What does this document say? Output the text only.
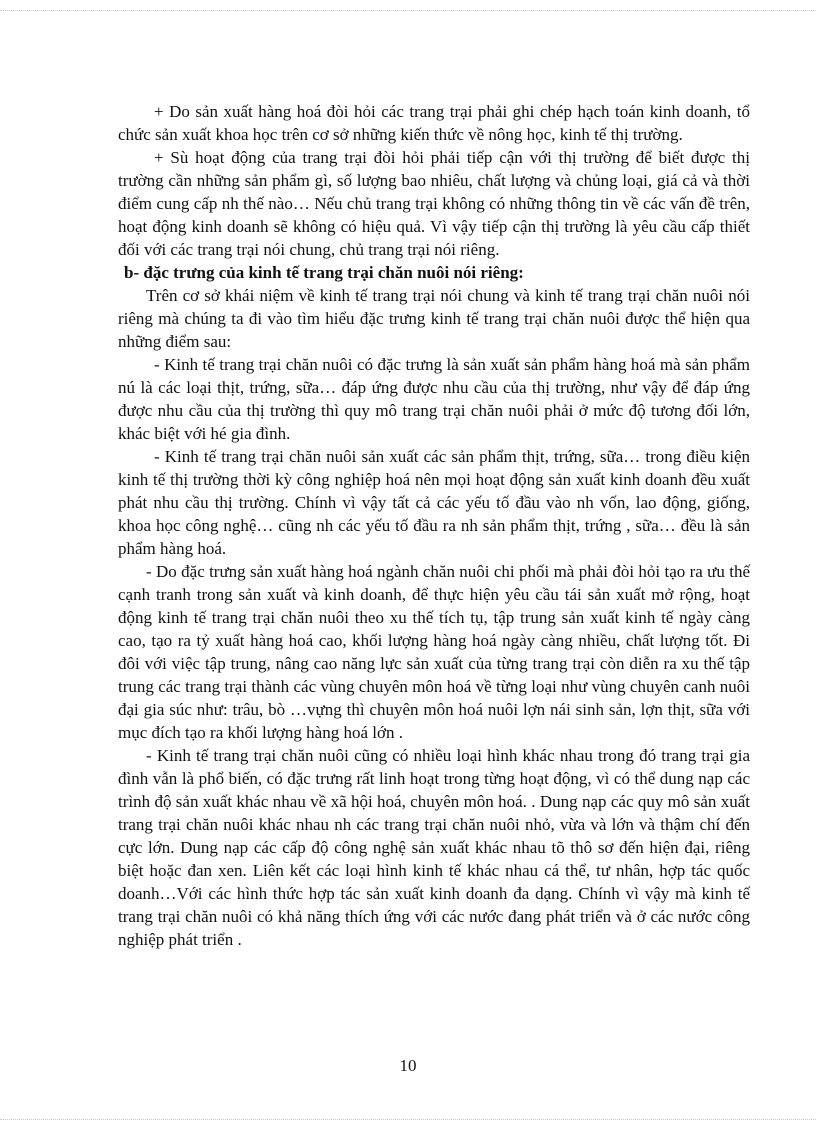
+ Do sản xuất hàng hoá đòi hỏi các trang trại phải ghi chép hạch toán kinh doanh, tổ chức sản xuất khoa học trên cơ sở những kiến thức về nông học, kinh tế thị trường.

+ Sù hoạt động của trang trại đòi hỏi phải tiếp cận với thị trường để biết được thị trường cần những sản phẩm gì, số lượng bao nhiêu, chất lượng và chủng loại, giá cả và thời điểm cung cấp nh thế nào… Nếu chủ trang trại không có những thông tin về các vấn đề trên, hoạt động kinh doanh sẽ không có hiệu quả. Vì vậy tiếp cận thị trường là yêu cầu cấp thiết đối với các trang trại nói chung, chủ trang trại nói riêng.

b- đặc trưng của kinh tế trang trại chăn nuôi nói riêng:

Trên cơ sở khái niệm về kinh tế trang trại nói chung và kinh tế trang trại chăn nuôi nói riêng mà chúng ta đi vào tìm hiểu đặc trưng kinh tế trang trại chăn nuôi được thể hiện qua những điểm sau:

- Kinh tế trang trại chăn nuôi có đặc trưng là sản xuất sản phẩm hàng hoá mà sản phẩm nú là các loại thịt, trứng, sữa… đáp ứng được nhu cầu của thị trường, như vậy để đáp ứng được nhu cầu của thị trường thì quy mô trang trại chăn nuôi phải ở mức độ tương đối lớn, khác biệt với hé gia đình.

- Kinh tế trang trại chăn nuôi sản xuất các sản phẩm thịt, trứng, sữa… trong điều kiện kinh tế thị trường thời kỳ công nghiệp hoá nên mọi hoạt động sản xuất kinh doanh đều xuất phát nhu cầu thị trường. Chính vì vậy tất cả các yếu tố đầu vào nh vốn, lao động, giống, khoa học công nghệ… cũng nh các yếu tố đầu ra nh sản phẩm thịt, trứng , sữa… đều là sản phẩm hàng hoá.

- Do đặc trưng sản xuất hàng hoá ngành chăn nuôi chi phối mà phải đòi hỏi tạo ra ưu thế cạnh tranh trong sản xuất và kinh doanh, để thực hiện yêu cầu tái sản xuất mở rộng, hoạt động kinh tế trang trại chăn nuôi theo xu thế tích tụ, tập trung sản xuất kinh tế ngày càng cao, tạo ra tỷ xuất hàng hoá cao, khối lượng hàng hoá ngày càng nhiều, chất lượng tốt. Đi đôi với việc tập trung, nâng cao năng lực sản xuất của từng trang trại còn diễn ra xu thế tập trung các trang trại thành các vùng chuyên môn hoá về từng loại như vùng chuyên canh nuôi đại gia súc như: trâu, bò …vựng thì chuyên môn hoá nuôi lợn nái sinh sản, lợn thịt, sữa với mục đích tạo ra khối lượng hàng hoá lớn .

- Kinh tế trang trại chăn nuôi cũng có nhiều loại hình khác nhau trong đó trang trại gia đình vẫn là phổ biến, có đặc trưng rất linh hoạt trong từng hoạt động, vì có thể dung nạp các trình độ sản xuất khác nhau về xã hội hoá, chuyên môn hoá. . Dung nạp các quy mô sản xuất trang trại chăn nuôi khác nhau nh các trang trại chăn nuôi nhỏ, vừa và lớn và thậm chí đến cực lớn. Dung nạp các cấp độ công nghệ sản xuất khác nhau tõ thô sơ đến hiện đại, riêng biệt hoặc đan xen. Liên kết các loại hình kinh tế khác nhau cá thể, tư nhân, hợp tác quốc doanh…Với các hình thức hợp tác sản xuất kinh doanh đa dạng. Chính vì vậy mà kinh tế trang trại chăn nuôi có khả năng thích ứng với các nước đang phát triển và ở các nước công nghiệp phát triển .

10
